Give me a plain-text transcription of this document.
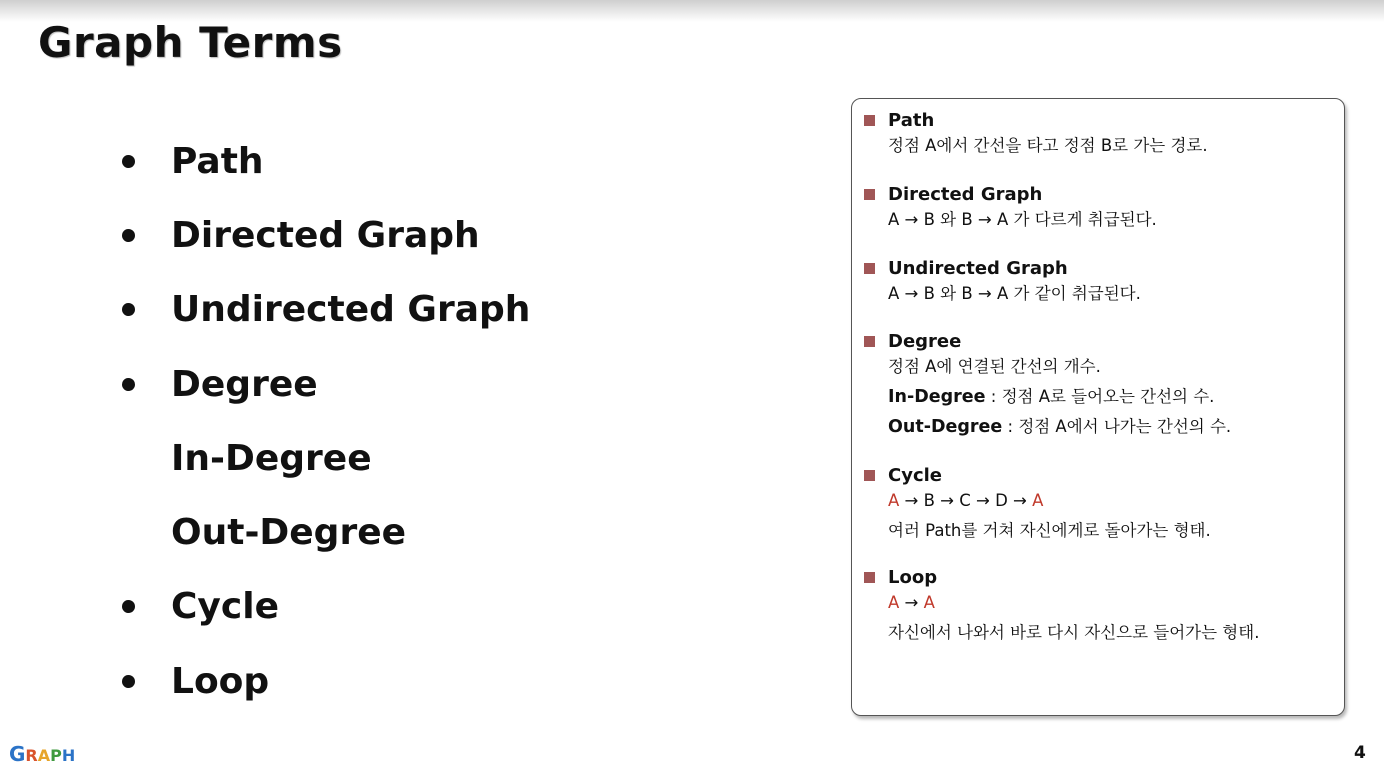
Graph Terms
Path
Directed Graph
Undirected Graph
Degree
In-Degree
Out-Degree
Cycle
Loop
Path
정점 A에서 간선을 타고 정점 B로 가는 경로.
Directed Graph
A → B 와 B → A 가 다르게 취급된다.
Undirected Graph
A → B 와 B → A 가 같이 취급된다.
Degree
정점 A에 연결된 간선의 개수.
In-Degree : 정점 A로 들어오는 간선의 수.
Out-Degree : 정점 A에서 나가는 간선의 수.
Cycle
A → B → C → D → A
여러 Path를 거쳐 자신에게로 돌아가는 형태.
Loop
A → A
자신에서 나와서 바로 다시 자신으로 들어가는 형태.
GRAPH	4
